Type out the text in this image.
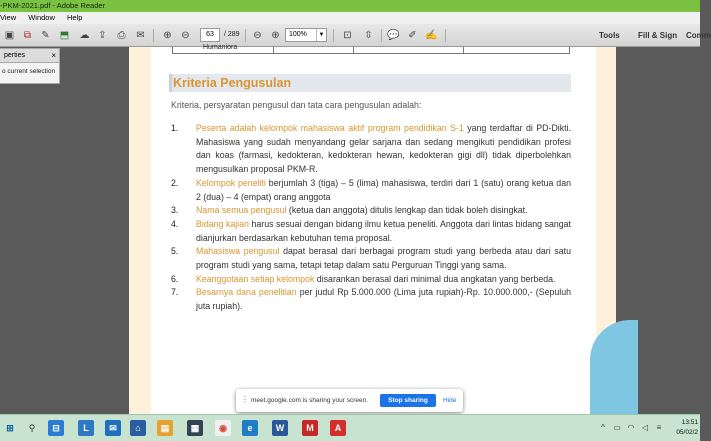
-PKM-2021.pdf - Adobe Reader
View Window Help
▣ ⧉	✎	⬒ ☁ ⇪	⎙	✉	⊕ ⊖	63	/ 289	⊖ ⊕	100%	▼	⊡	⇳	💬 ✐ ✍	Tools Fill & Sign Comm
perties	×
o current selection
Humaniora
Kriteria Pengusulan
Kriteria, persyaratan pengusul dan tata cara pengusulan adalah:
1. Peserta adalah kelompok mahasiswa aktif program pendidikan S-1 yang terdaftar di PD-Dikti. Mahasiswa yang sudah menyandang gelar sarjana dan sedang mengikuti pendidikan profesi dan koas (farmasi, kedokteran, kedokteran hewan, kedokteran gigi dll) tidak diperbolehkan mengusulkan proposal PKM-R.
2. Kelompok peneliti berjumlah 3 (tiga) – 5 (lima) mahasiswa, terdiri dari 1 (satu) orang ketua dan 2 (dua) – 4 (empat) orang anggota
3. Nama semua pengusul (ketua dan anggota) ditulis lengkap dan tidak boleh disingkat.
4. Bidang kajian harus sesuai dengan bidang ilmu ketua peneliti. Anggota dari lintas bidang sangat dianjurkan berdasarkan kebutuhan tema proposal.
5. Mahasiswa pengusul dapat berasal dari berbagai program studi yang berbeda atau dari satu program studi yang sama, tetapi tetap dalam satu Perguruan Tinggi yang sama.
6. Keanggotaan setiap kelompok disarankan berasal dari minimal dua angkatan yang berbeda.
7. Besarnya dana penelitian per judul Rp 5.000.000 (Lima juta rupiah)-Rp. 10.000.000,- (Sepuluh juta rupiah).
⋮ meet.google.com is sharing your screen.	Stop sharing	Hide
⊞	⚲	⊟	L	✉	⌂	▤	▦	◉	e	W	M	A	^	▭ ◠ ◁	≡
13:51
05/02/2
